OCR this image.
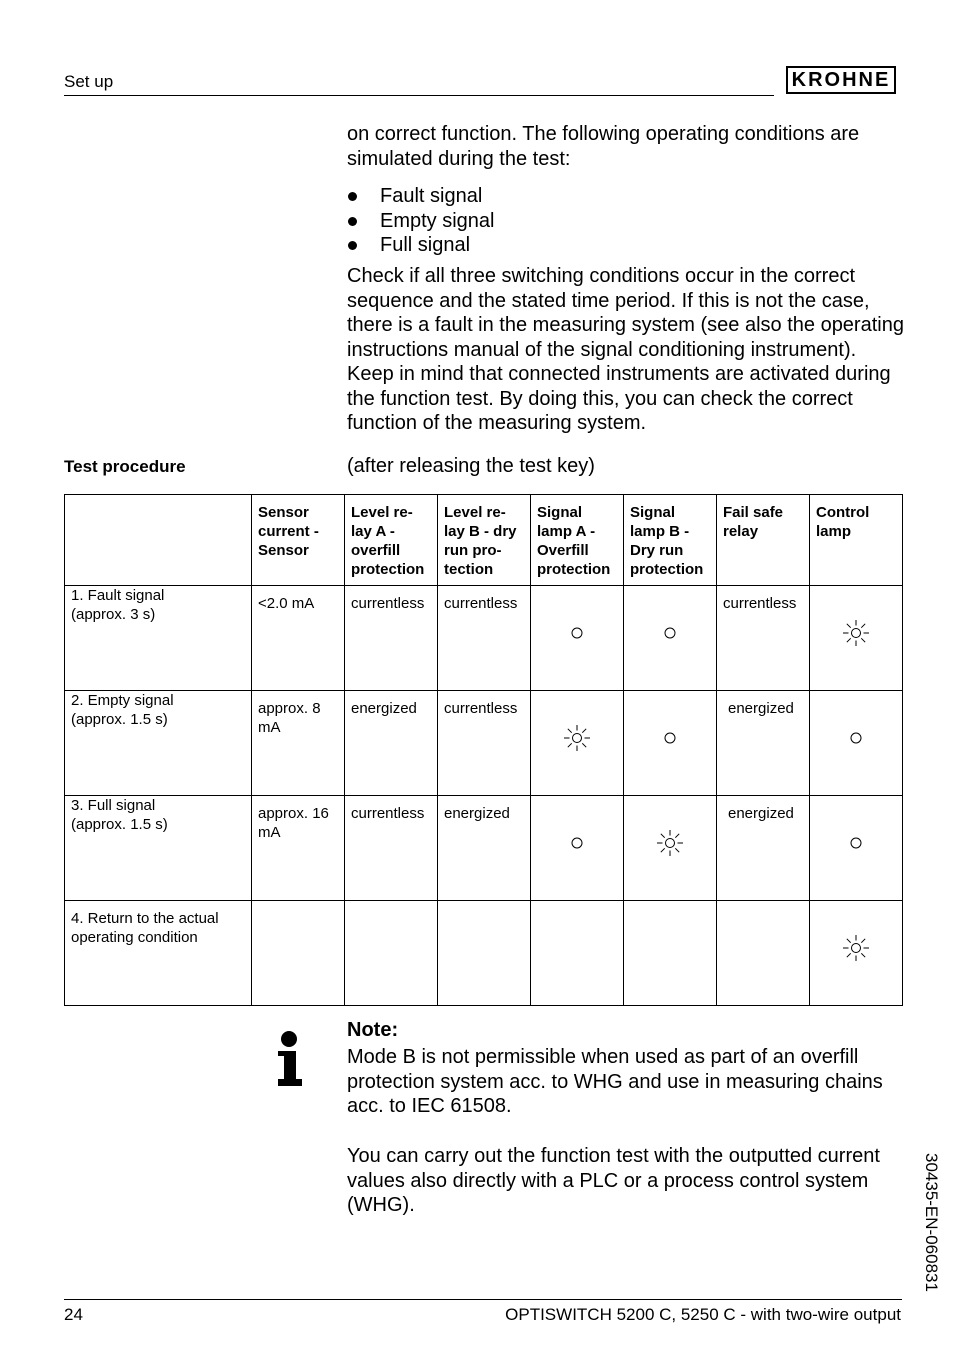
Set up	KROHNE

on correct function. The following operating conditions are simulated during the test:

Fault signal
Empty signal
Full signal

Check if all three switching conditions occur in the correct sequence and the stated time period. If this is not the case, there is a fault in the measuring system (see also the operating instructions manual of the signal conditioning instrument). Keep in mind that connected instruments are activated during the function test. By doing this, you can check the correct function of the measuring system.

Test procedure	(after releasing the test key)
	Sensor current - Sensor	Level re-lay A - overfill protection	Level re-lay B - dry run pro-tection	Signal lamp A - Overfill protection	Signal lamp B - Dry run protection	Fail safe relay	Control lamp

1. Fault signal
(approx. 3 s)	<2.0 mA	currentless	currentless			currentless	

2. Empty signal
(approx. 1.5 s)	approx. 8 mA	energized	currentless			energized	

3. Full signal
(approx. 1.5 s)	approx. 16 mA	currentless	energized			energized	

4. Return to the actual
operating condition

Note:

Mode B is not permissible when used as part of an overfill protection system acc. to WHG and use in measuring chains acc. to IEC 61508.

You can carry out the function test with the outputted current values also directly with a PLC or a process control system (WHG).	30435-EN-060831
24	OPTISWITCH 5200 C, 5250 C - with two-wire output
